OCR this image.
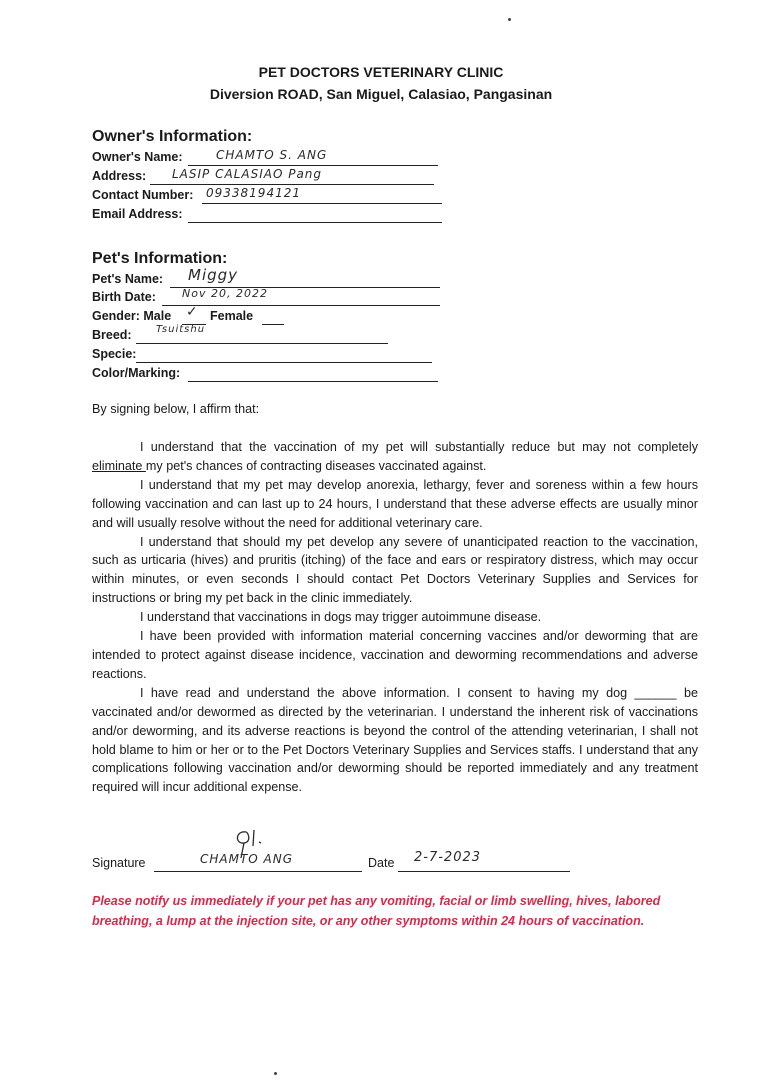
PET DOCTORS VETERINARY CLINIC
Diversion ROAD, San Miguel, Calasiao, Pangasinan
Owner's Information:
Owner's Name:	CHAMTO S. ANG
Address: LASIP CALASIAO Pang
Contact Number: 09338194121
Email Address:
Pet's Information:
Pet's Name: Miggy
Birth Date: Nov 20, 2022
Gender: Male ✓ Female
Breed: Tsuitshu
Specie:
Color/Marking:
By signing below, I affirm that:

I understand that the vaccination of my pet will substantially reduce but may not completely eliminate my pet's chances of contracting diseases vaccinated against.

I understand that my pet may develop anorexia, lethargy, fever and soreness within a few hours following vaccination and can last up to 24 hours, I understand that these adverse effects are usually minor and will usually resolve without the need for additional veterinary care.

I understand that should my pet develop any severe of unanticipated reaction to the vaccination, such as urticaria (hives) and pruritis (itching) of the face and ears or respiratory distress, which may occur within minutes, or even seconds I should contact Pet Doctors Veterinary Supplies and Services for instructions or bring my pet back in the clinic immediately.

I understand that vaccinations in dogs may trigger autoimmune disease.

I have been provided with information material concerning vaccines and/or deworming that are intended to protect against disease incidence, vaccination and deworming recommendations and adverse reactions.

I have read and understand the above information. I consent to having my dog ______ be vaccinated and/or dewormed as directed by the veterinarian. I understand the inherent risk of vaccinations and/or deworming, and its adverse reactions is beyond the control of the attending veterinarian, I shall not hold blame to him or her or to the Pet Doctors Veterinary Supplies and Services staffs. I understand that any complications following vaccination and/or deworming should be reported immediately and any treatment required will incur additional expense.

Signature	CHAMTO ANG	Date 2-7-2023
Please notify us immediately if your pet has any vomiting, facial or limb swelling, hives, labored breathing, a lump at the injection site, or any other symptoms within 24 hours of vaccination.
